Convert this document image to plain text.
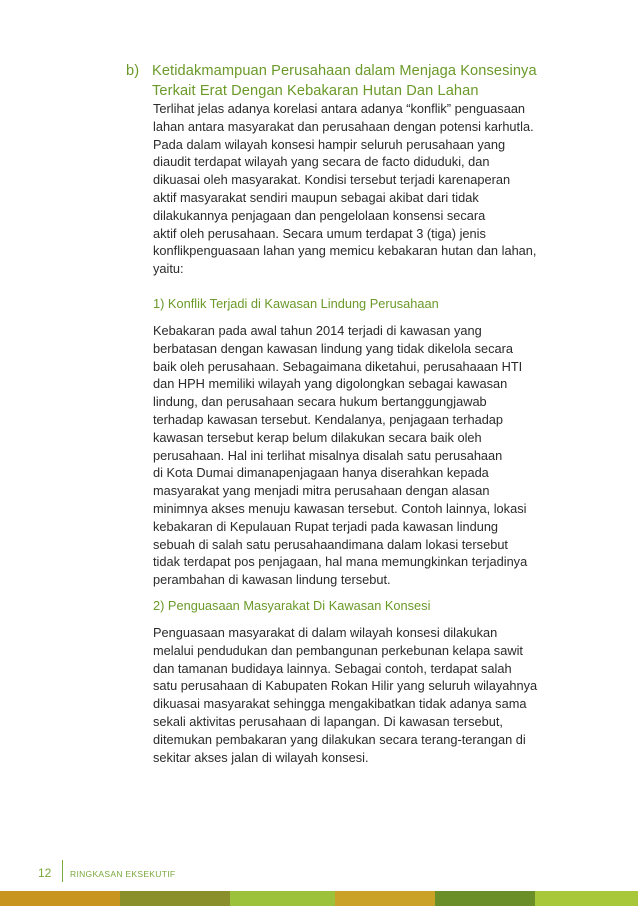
b) Ketidakmampuan Perusahaan dalam Menjaga Konsesinya
Terkait Erat Dengan Kebakaran Hutan Dan Lahan

Terlihat jelas adanya korelasi antara adanya “konflik” penguasaan
lahan antara masyarakat dan perusahaan dengan potensi karhutla.
Pada dalam wilayah konsesi hampir seluruh perusahaan yang
diaudit terdapat wilayah yang secara de facto diduduki, dan
dikuasai oleh masyarakat. Kondisi tersebut terjadi karenaperan
aktif masyarakat sendiri maupun sebagai akibat dari tidak
dilakukannya penjagaan dan pengelolaan konsensi secara
aktif oleh perusahaan. Secara umum terdapat 3 (tiga) jenis
konflikpenguasaan lahan yang memicu kebakaran hutan dan lahan,
yaitu:

1) Konflik Terjadi di Kawasan Lindung Perusahaan

Kebakaran pada awal tahun 2014 terjadi di kawasan yang
berbatasan dengan kawasan lindung yang tidak dikelola secara
baik oleh perusahaan. Sebagaimana diketahui, perusahaaan HTI
dan HPH memiliki wilayah yang digolongkan sebagai kawasan
lindung, dan perusahaan secara hukum bertanggungjawab
terhadap kawasan tersebut. Kendalanya, penjagaan terhadap
kawasan tersebut kerap belum dilakukan secara baik oleh
perusahaan. Hal ini terlihat misalnya disalah satu perusahaan
di Kota Dumai dimanapenjagaan hanya diserahkan kepada
masyarakat yang menjadi mitra perusahaan dengan alasan
minimnya akses menuju kawasan tersebut. Contoh lainnya, lokasi
kebakaran di Kepulauan Rupat terjadi pada kawasan lindung
sebuah di salah satu perusahaandimana dalam lokasi tersebut
tidak terdapat pos penjagaan, hal mana memungkinkan terjadinya
perambahan di kawasan lindung tersebut.

2) Penguasaan Masyarakat Di Kawasan Konsesi

Penguasaan masyarakat di dalam wilayah konsesi dilakukan
melalui pendudukan dan pembangunan perkebunan kelapa sawit
dan tamanan budidaya lainnya. Sebagai contoh, terdapat salah
satu perusahaan di Kabupaten Rokan Hilir yang seluruh wilayahnya
dikuasai masyarakat sehingga mengakibatkan tidak adanya sama
sekali aktivitas perusahaan di lapangan. Di kawasan tersebut,
ditemukan pembakaran yang dilakukan secara terang-terangan di
sekitar akses jalan di wilayah konsesi.

12 RINGKASAN EKSEKUTIF
